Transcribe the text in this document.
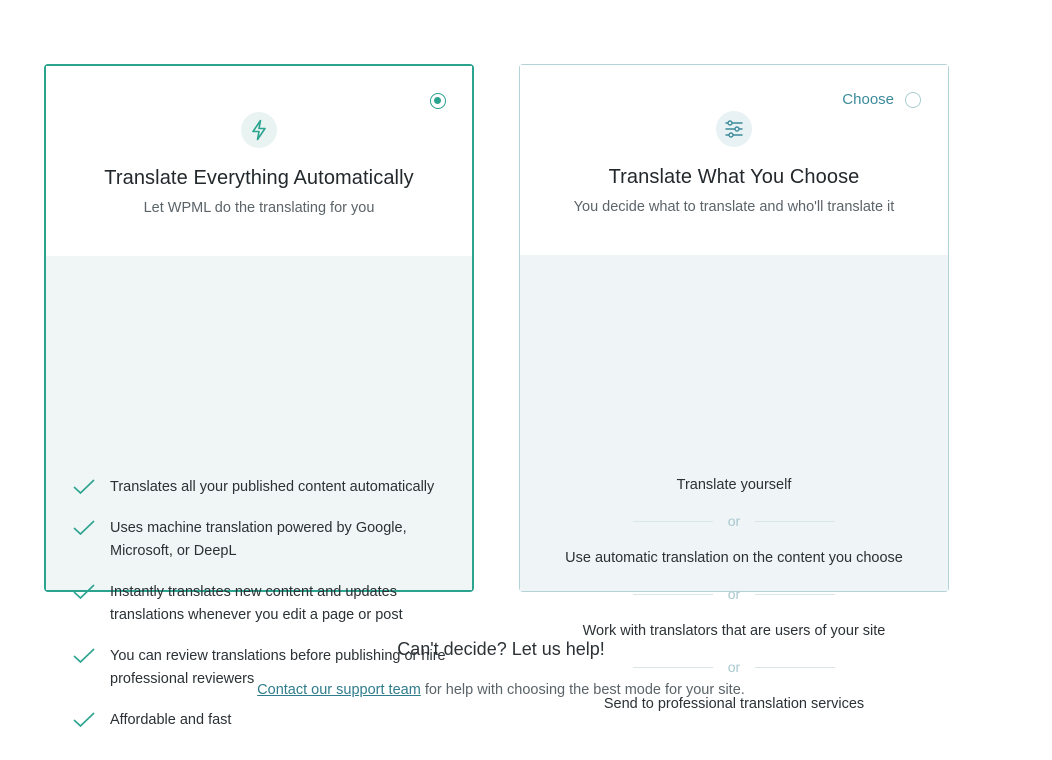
Translate Everything Automatically
Let WPML do the translating for you
Translates all your published content automatically
Uses machine translation powered by Google, Microsoft, or DeepL
Instantly translates new content and updates translations whenever you edit a page or post
You can review translations before publishing or hire professional reviewers
Affordable and fast
Choose
Translate What You Choose
You decide what to translate and who'll translate it
Translate yourself
or
Use automatic translation on the content you choose
or
Work with translators that are users of your site
or
Send to professional translation services
Can't decide? Let us help!
Contact our support team for help with choosing the best mode for your site.
